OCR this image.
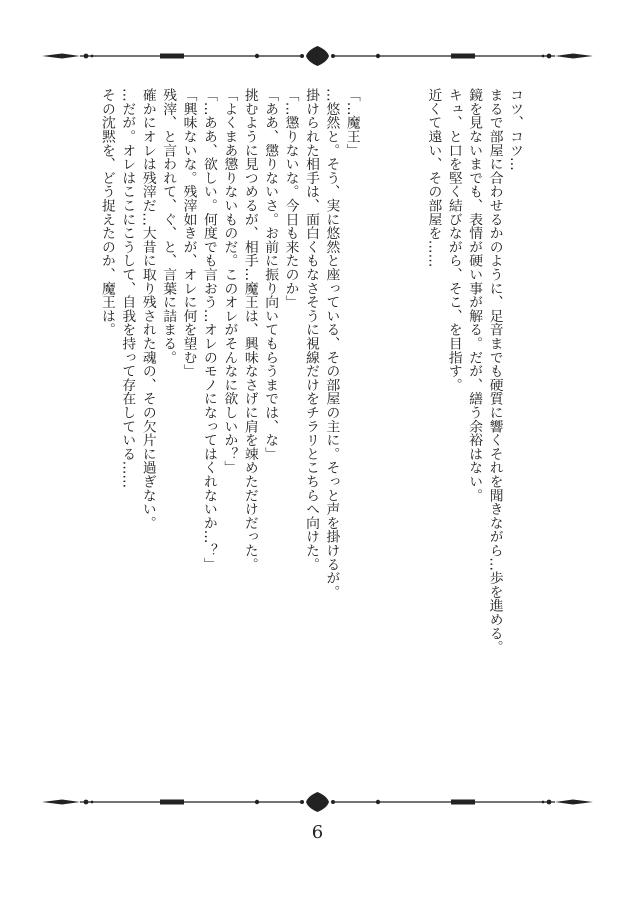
コツ、コツ…

まるで部屋に合わせるかのように、足音までも硬質に響くそれを聞きながら…歩を進める。

鏡を見ないまでも、表情が硬い事が解る。だが、繕う余裕はない。

キュ、と口を堅く結びながら、そこ、を目指す。

近くて遠い、その部屋を……

「…魔王」

…悠然と。そう、実に悠然と座っている、その部屋の主に。そっと声を掛けるが。

掛けられた相手は、面白くもなさそうに視線だけをチラリとこちらへ向けた。

「…懲りないな。今日も来たのか」

「ああ、懲りないさ。お前に振り向いてもらうまでは、な」

挑むように見つめるが、相手…魔王は、興味なさげに肩を竦めただけだった。

「よくまあ懲りないものだ。このオレがそんなに欲しいか？」

「…ああ、欲しい。何度でも言おう…オレのモノになってはくれないか…？」

「興味ないな。残滓如きが、オレに何を望む」

残滓、と言われて、ぐ、と、言葉に詰まる。

確かにオレは残滓だ…大昔に取り残された魂の、その欠片に過ぎない。

…だが。オレはここにこうして、自我を持って存在している……

その沈黙を、どう捉えたのか、魔王は。

6
